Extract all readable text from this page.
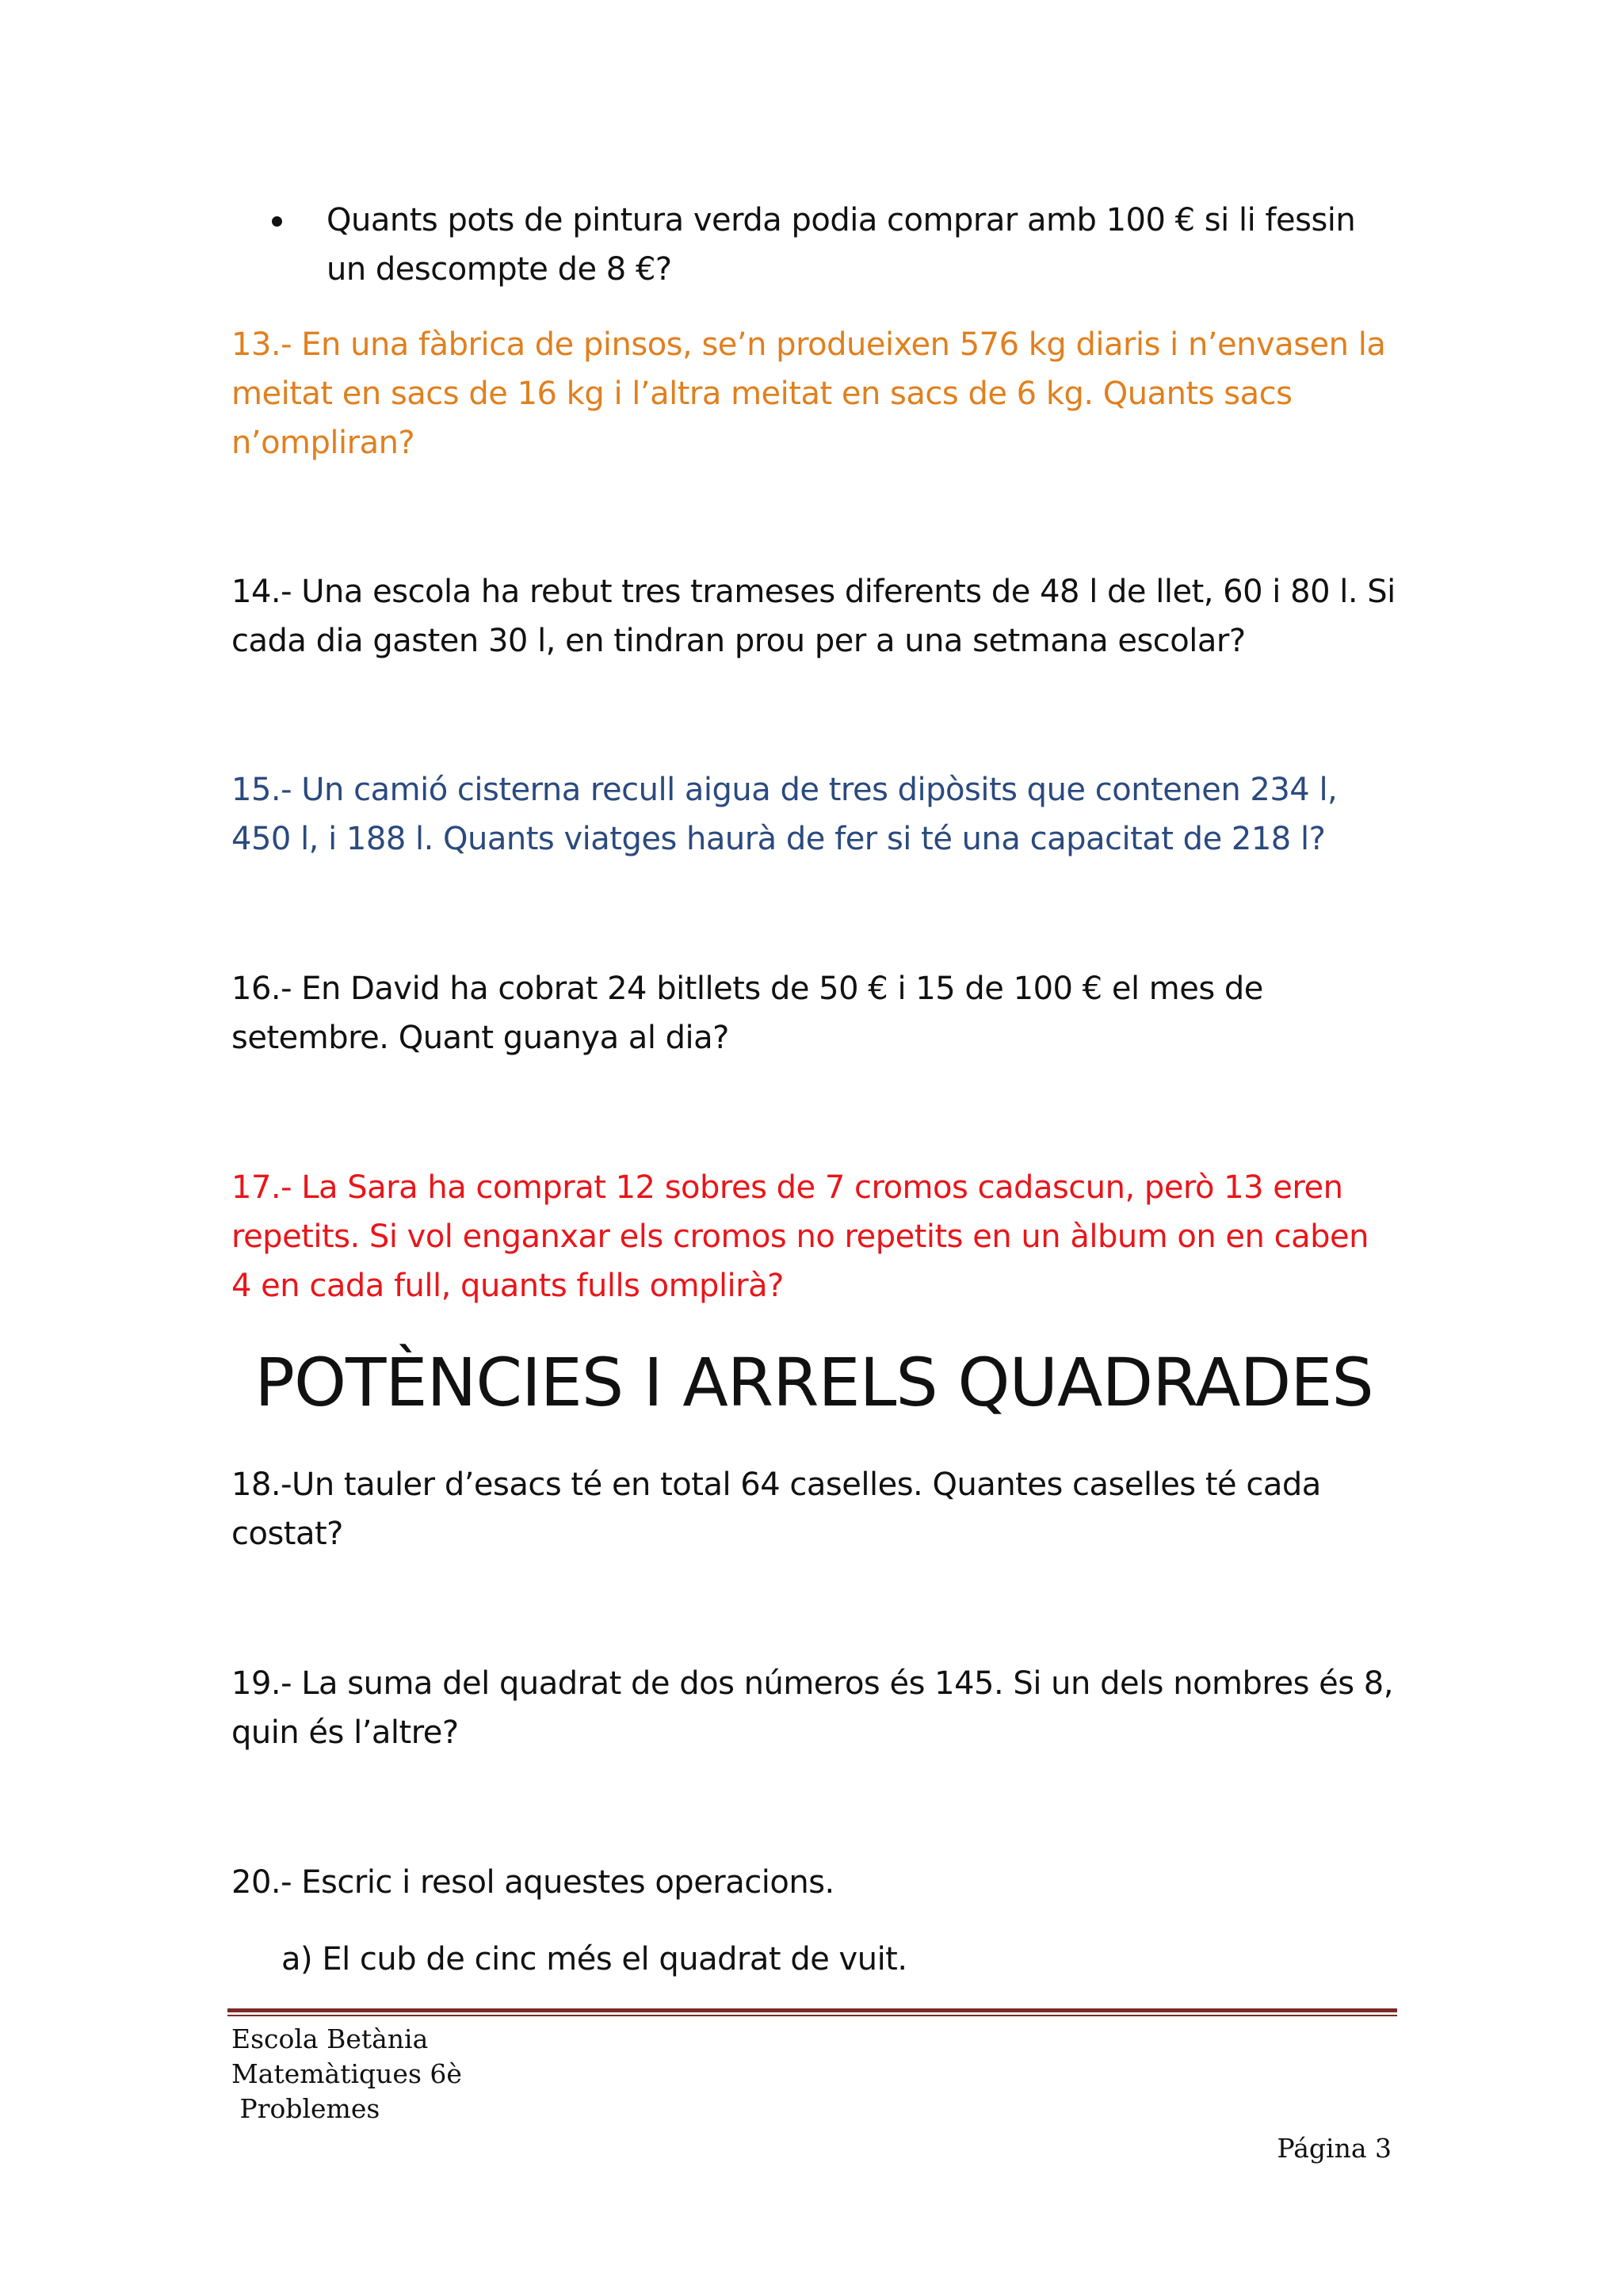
Quants pots de pintura verda podia comprar amb 100 € si li fessin
un descompte de 8 €?
13.- En una fàbrica de pinsos, se’n produeixen 576 kg diaris i n’envasen la
meitat en sacs de 16 kg i l’altra meitat en sacs de 6 kg. Quants sacs
n’ompliran?
14.- Una escola ha rebut tres trameses diferents de 48 l de llet, 60 i 80 l. Si
cada dia gasten 30 l, en tindran prou per a una setmana escolar?
15.- Un camió cisterna recull aigua de tres dipòsits que contenen 234 l,
450 l, i 188 l. Quants viatges haurà de fer si té una capacitat de 218 l?
16.- En David ha cobrat 24 bitllets de 50 € i 15 de 100 € el mes de
setembre. Quant guanya al dia?
17.- La Sara ha comprat 12 sobres de 7 cromos cadascun, però 13 eren
repetits. Si vol enganxar els cromos no repetits en un àlbum on en caben
4 en cada full, quants fulls omplirà?
POTÈNCIES I ARRELS QUADRADES
18.-Un tauler d’esacs té en total 64 caselles. Quantes caselles té cada
costat?
19.- La suma del quadrat de dos números és 145. Si un dels nombres és 8,
quin és l’altre?
20.- Escric i resol aquestes operacions.
a) El cub de cinc més el quadrat de vuit.
Escola Betània
Matemàtiques 6è
Problemes
Página 3
